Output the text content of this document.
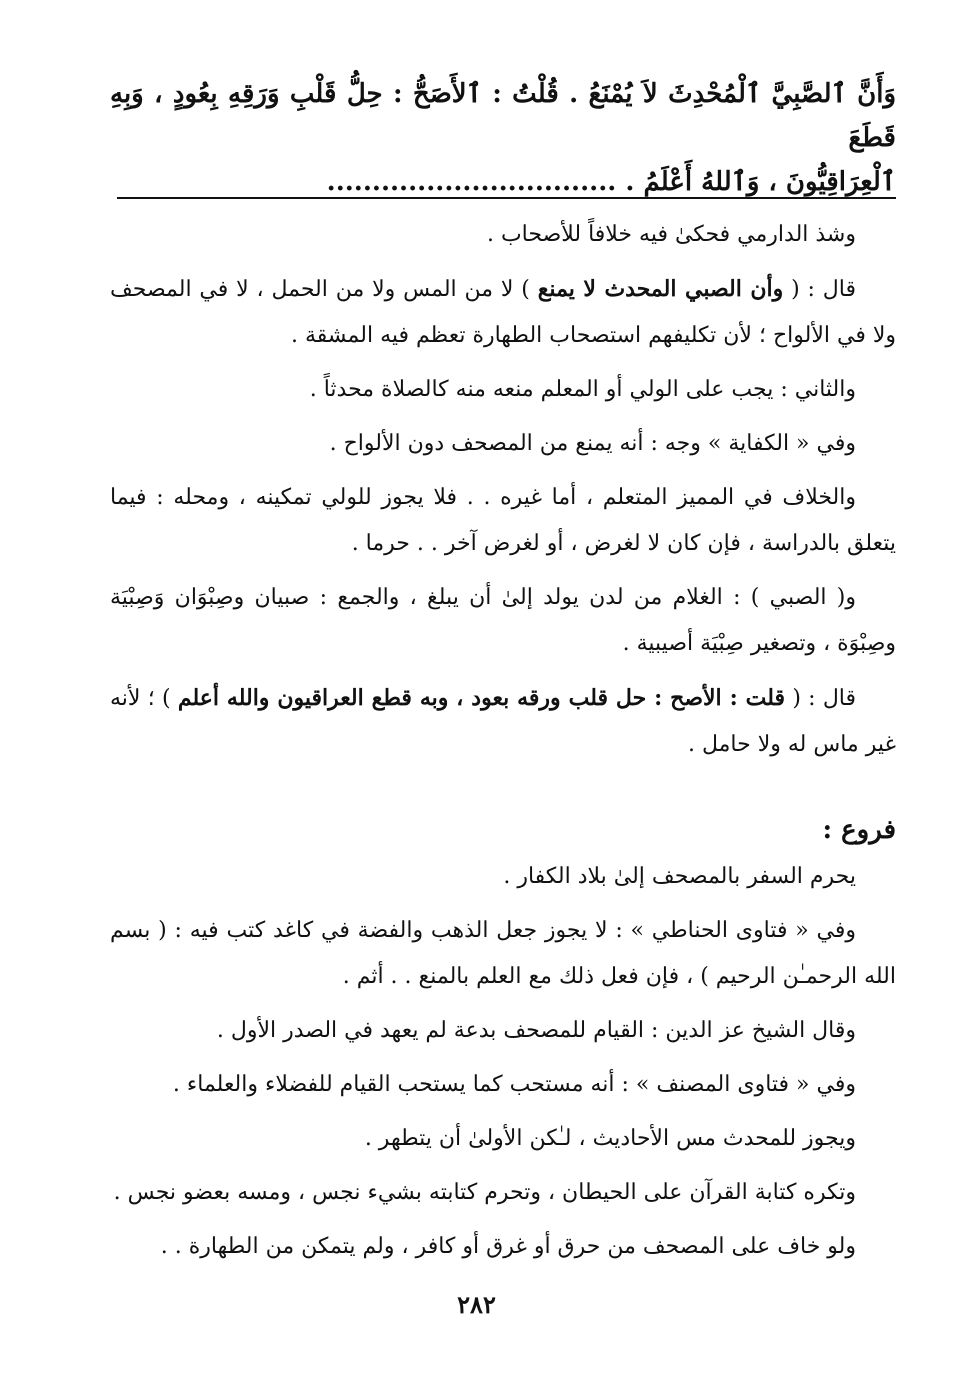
وَأَنَّ ٱلصَّبِيَّ ٱلْمُحْدِثَ لاَ يُمْنَعُ . قُلْتُ : ٱلأَصَحُّ : حِلُّ قَلْبِ وَرَقِهِ بِعُودٍ ، وَبِهِ قَطَعَ

ٱلْعِرَاقِيُّونَ ، وَٱللهُ أَعْلَمُ . ................................

وشذ الدارمي فحكىٰ فيه خلافاً للأصحاب .

قال : ( وأن الصبي المحدث لا يمنع ) لا من المس ولا من الحمل ، لا في المصحف ولا في الألواح ؛ لأن تكليفهم استصحاب الطهارة تعظم فيه المشقة .

والثاني : يجب على الولي أو المعلم منعه منه كالصلاة محدثاً .

وفي « الكفاية » وجه : أنه يمنع من المصحف دون الألواح .

والخلاف في المميز المتعلم ، أما غيره . . فلا يجوز للولي تمكينه ، ومحله : فيما يتعلق بالدراسة ، فإن كان لا لغرض ، أو لغرض آخر . . حرما .

و( الصبي ) : الغلام من لدن يولد إلىٰ أن يبلغ ، والجمع : صبيان وصِبْوَان وَصِبْيَة وصِبْوَة ، وتصغير صِبْيَة أصيبية .

قال : ( قلت : الأصح : حل قلب ورقه بعود ، وبه قطع العراقيون والله أعلم ) ؛ لأنه غير ماس له ولا حامل .

فروع :

يحرم السفر بالمصحف إلىٰ بلاد الكفار .

وفي « فتاوى الحناطي » : لا يجوز جعل الذهب والفضة في كاغد كتب فيه : ( بسم الله الرحمـٰن الرحيم ) ، فإن فعل ذلك مع العلم بالمنع . . أثم .

وقال الشيخ عز الدين : القيام للمصحف بدعة لم يعهد في الصدر الأول .

وفي « فتاوى المصنف » : أنه مستحب كما يستحب القيام للفضلاء والعلماء .

ويجوز للمحدث مس الأحاديث ، لـٰكن الأولىٰ أن يتطهر .

وتكره كتابة القرآن على الحيطان ، وتحرم كتابته بشيء نجس ، ومسه بعضو نجس .

ولو خاف على المصحف من حرق أو غرق أو كافر ، ولم يتمكن من الطهارة . .

٢٨٢
